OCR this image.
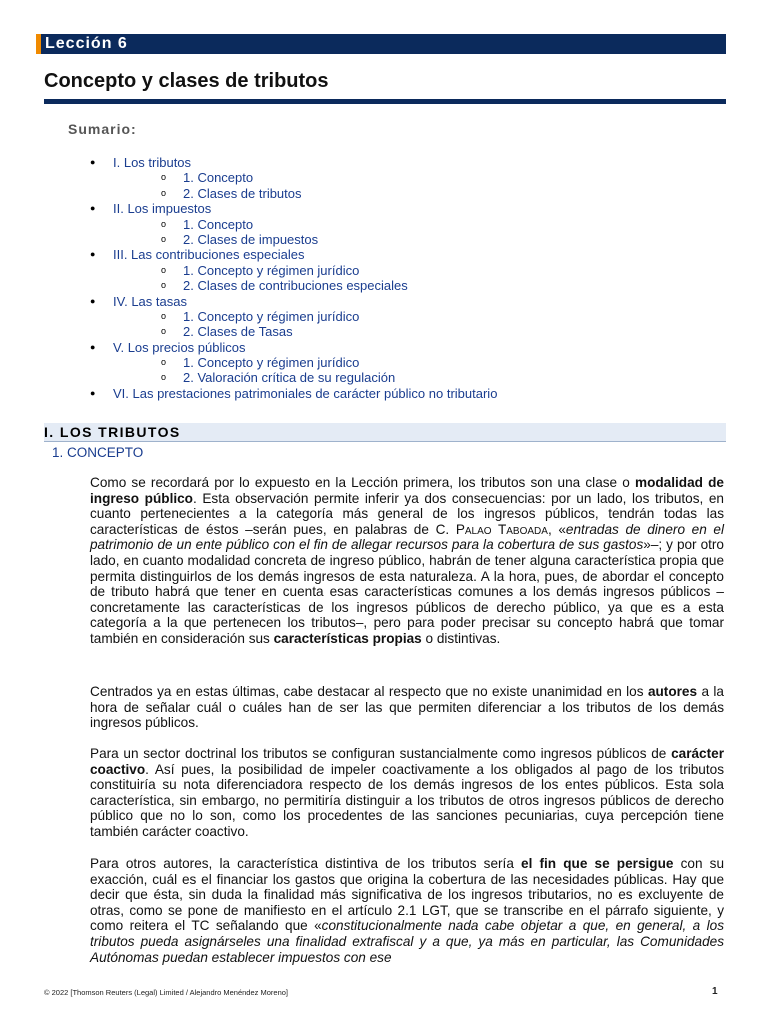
Lección 6
Concepto y clases de tributos
Sumario:
● I. Los tributos
o 1. Concepto
o 2. Clases de tributos
● II. Los impuestos
o 1. Concepto
o 2. Clases de impuestos
● III. Las contribuciones especiales
o 1. Concepto y régimen jurídico
o 2. Clases de contribuciones especiales
● IV. Las tasas
o 1. Concepto y régimen jurídico
o 2. Clases de Tasas
● V. Los precios públicos
o 1. Concepto y régimen jurídico
o 2. Valoración crítica de su regulación
● VI. Las prestaciones patrimoniales de carácter público no tributario
I. LOS TRIBUTOS
1. CONCEPTO
Como se recordará por lo expuesto en la Lección primera, los tributos son una clase o modalidad de ingreso público. Esta observación permite inferir ya dos consecuencias: por un lado, los tributos, en cuanto pertenecientes a la categoría más general de los ingresos públicos, tendrán todas las características de éstos –serán pues, en palabras de C. Palao Taboada, «entradas de dinero en el patrimonio de un ente público con el fin de allegar recursos para la cobertura de sus gastos»–; y por otro lado, en cuanto modalidad concreta de ingreso público, habrán de tener alguna característica propia que permita distinguirlos de los demás ingresos de esta naturaleza. A la hora, pues, de abordar el concepto de tributo habrá que tener en cuenta esas características comunes a los demás ingresos públicos –concretamente las características de los ingresos públicos de derecho público, ya que es a esta categoría a la que pertenecen los tributos–, pero para poder precisar su concepto habrá que tomar también en consideración sus características propias o distintivas.
Centrados ya en estas últimas, cabe destacar al respecto que no existe unanimidad en los autores a la hora de señalar cuál o cuáles han de ser las que permiten diferenciar a los tributos de los demás ingresos públicos.
Para un sector doctrinal los tributos se configuran sustancialmente como ingresos públicos de carácter coactivo. Así pues, la posibilidad de impeler coactivamente a los obligados al pago de los tributos constituiría su nota diferenciadora respecto de los demás ingresos de los entes públicos. Esta sola característica, sin embargo, no permitiría distinguir a los tributos de otros ingresos públicos de derecho público que no lo son, como los procedentes de las sanciones pecuniarias, cuya percepción tiene también carácter coactivo.
Para otros autores, la característica distintiva de los tributos sería el fin que se persigue con su exacción, cuál es el financiar los gastos que origina la cobertura de las necesidades públicas. Hay que decir que ésta, sin duda la finalidad más significativa de los ingresos tributarios, no es excluyente de otras, como se pone de manifiesto en el artículo 2.1 LGT, que se transcribe en el párrafo siguiente, y como reitera el TC señalando que «constitucionalmente nada cabe objetar a que, en general, a los tributos pueda asignárseles una finalidad extrafiscal y a que, ya más en particular, las Comunidades Autónomas puedan establecer impuestos con ese
© 2022 [Thomson Reuters (Legal) Limited / Alejandro Menéndez Moreno]	1
